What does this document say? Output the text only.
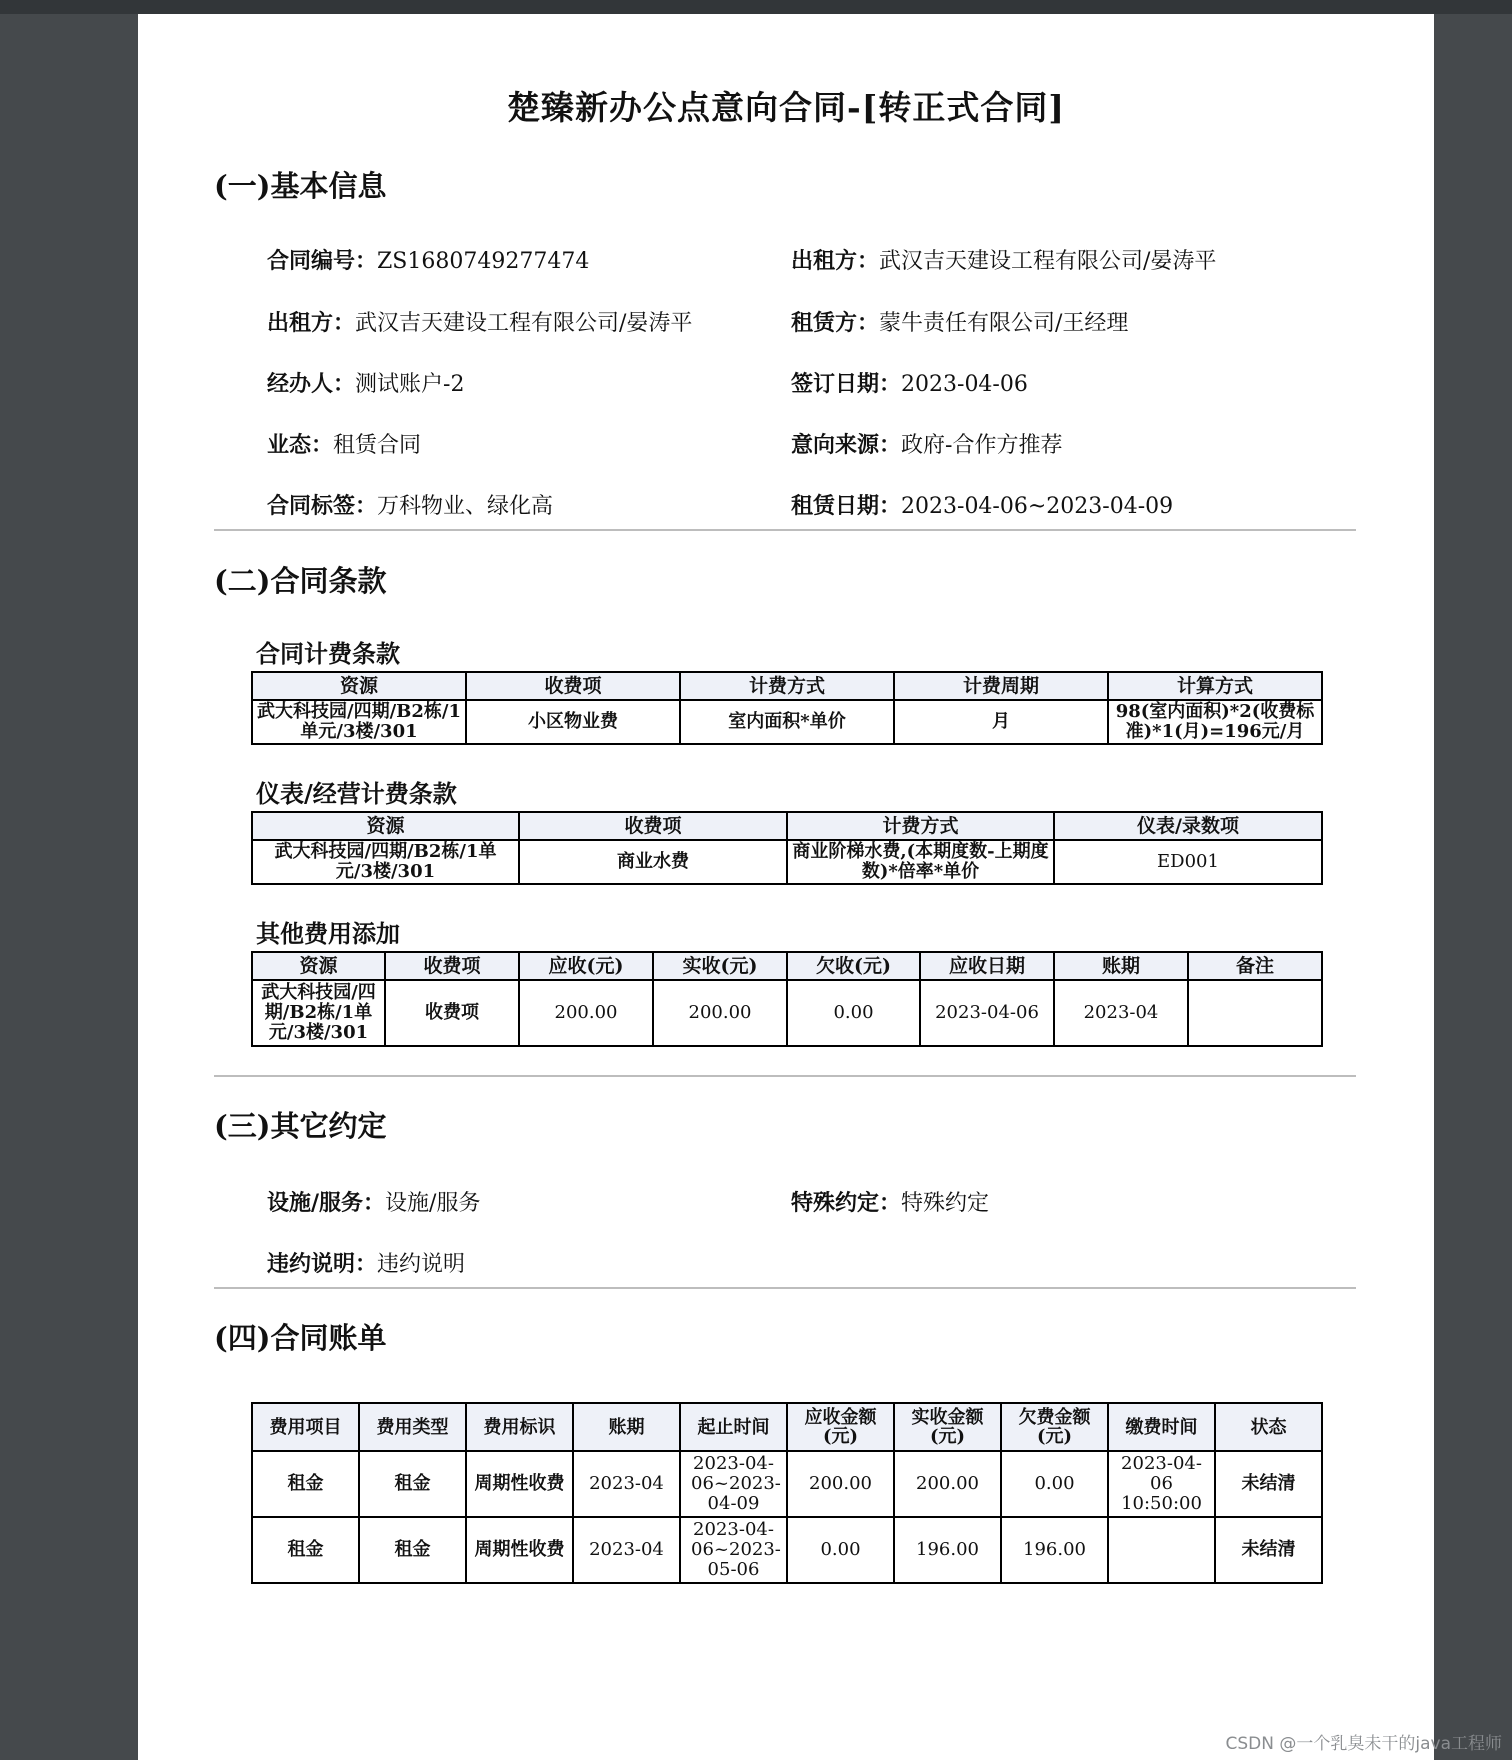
楚臻新办公点意向合同-[转正式合同]
(一)基本信息
合同编号：ZS1680749277474	出租方：武汉吉天建设工程有限公司/晏涛平
出租方：武汉吉天建设工程有限公司/晏涛平	租赁方：蒙牛责任有限公司/王经理
经办人：测试账户-2	签订日期：2023-04-06
业态：租赁合同	意向来源：政府-合作方推荐
合同标签：万科物业、绿化高	租赁日期：2023-04-06~2023-04-09
(二)合同条款
合同计费条款
资源	收费项	计费方式	计费周期	计算方式
武大科技园/四期/B2栋/1单元/3楼/301	小区物业费	室内面积*单价	月	98(室内面积)*2(收费标准)*1(月)=196元/月
仪表/经营计费条款
资源	收费项	计费方式	仪表/录数项
武大科技园/四期/B2栋/1单元/3楼/301	商业水费	商业阶梯水费,(本期度数-上期度数)*倍率*单价	ED001
其他费用添加
资源	收费项	应收(元)	实收(元)	欠收(元)	应收日期	账期	备注
武大科技园/四期/B2栋/1单元/3楼/301	收费项	200.00	200.00	0.00	2023-04-06	2023-04	
(三)其它约定
设施/服务：设施/服务	特殊约定：特殊约定
违约说明：违约说明
(四)合同账单
费用项目	费用类型	费用标识	账期	起止时间	应收金额(元)	实收金额(元)	欠费金额(元)	缴费时间	状态
租金	租金	周期性收费	2023-04	2023-04-06~2023-04-09	200.00	200.00	0.00	2023-04-06 10:50:00	未结清
租金	租金	周期性收费	2023-04	2023-04-06~2023-05-06	0.00	196.00	196.00		未结清
CSDN @一个乳臭未干的java工程师
